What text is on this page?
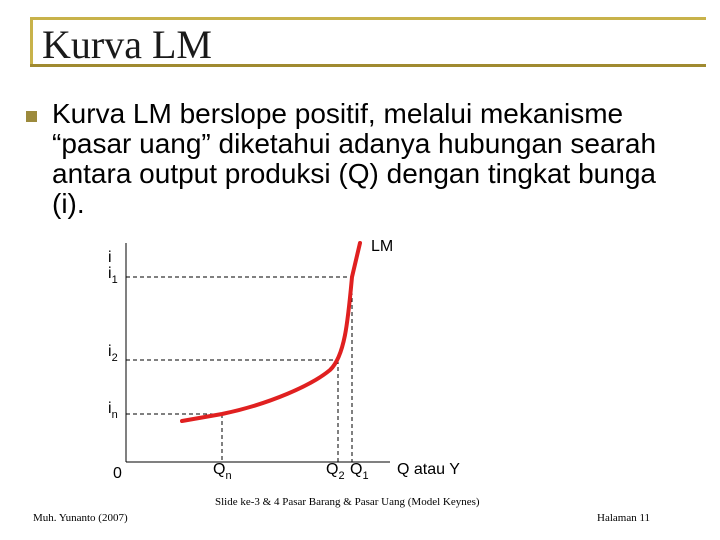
Kurva LM

Kurva LM berslope positif, melalui mekanisme “pasar uang” diketahui adanya hubungan searah antara output produksi (Q) dengan tingkat bunga (i).

LM
i
$i_1$
$i_2$
$i_n$
0	$Q_n$	$Q_2$ $Q_1$ Q atau Y
Muh. Yunanto (2007)
Slide ke-3 & 4 Pasar Barang & Pasar Uang (Model Keynes)
Halaman 11
